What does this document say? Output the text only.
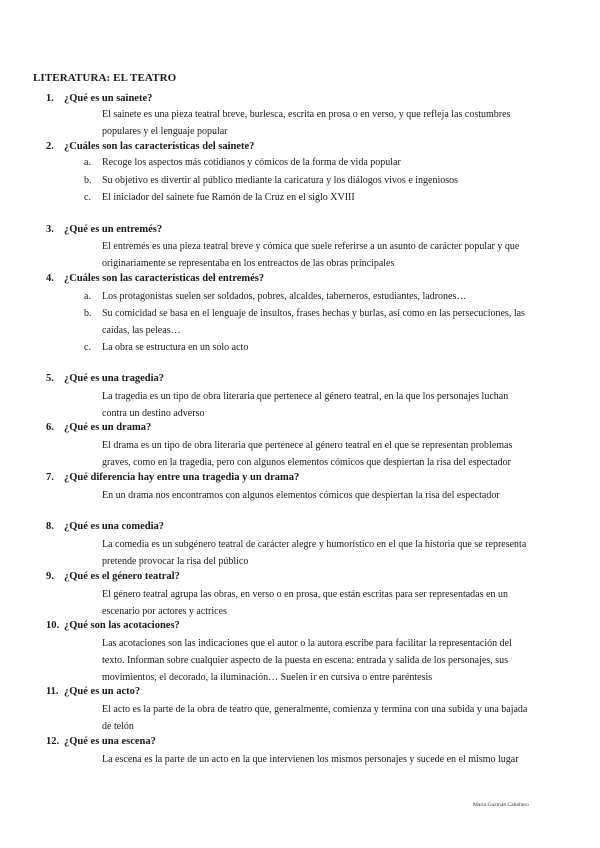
LITERATURA: EL TEATRO
1. ¿Qué es un sainete?
El sainete es una pieza teatral breve, burlesca, escrita en prosa o en verso, y que refleja las costumbres populares y el lenguaje popular
2. ¿Cuáles son las características del sainete?
a.	Recoge los aspectos más cotidianos y cómicos de la forma de vida popular
b.	Su objetivo es divertir al público mediante la caricatura y los diálogos vivos e ingeniosos
c.	El iniciador del sainete fue Ramón de la Cruz en el siglo XVIII
3. ¿Qué es un entremés?
El entremés es una pieza teatral breve y cómica que suele referirse a un asunto de carácter popular y que originariamente se representaba en los entreactos de las obras principales
4. ¿Cuáles son las características del entremés?
a.	Los protagonistas suelen ser soldados, pobres, alcaldes, taberneros, estudiantes, ladrones…
b.	Su comicidad se basa en el lenguaje de insultos, frases hechas y burlas, así como en las persecuciones, las caídas, las peleas…
c.	La obra se estructura en un solo acto
5. ¿Qué es una tragedia?
La tragedia es un tipo de obra literaria que pertenece al género teatral, en la que los personajes luchan contra un destino adverso
6. ¿Qué es un drama?
El drama es un tipo de obra literaria que pertenece al género teatral en el que se representan problemas graves, como en la tragedia, pero con algunos elementos cómicos que despiertan la risa del espectador
7. ¿Qué diferencia hay entre una tragedia y un drama?
En un drama nos encontramos con algunos elementos cómicos que despiertan la risa del espectador
8. ¿Qué es una comedia?
La comedia es un subgénero teatral de carácter alegre y humorístico en el que la historia que se representa pretende provocar la risa del público
9. ¿Qué es el género teatral?
El género teatral agrupa las obras, en verso o en prosa, que están escritas para ser representadas en un escenario por actores y actrices
10. ¿Qué son las acotaciones?
Las acotaciones son las indicaciones que el autor o la autora escribe para facilitar la representación del texto. Informan sobre cualquier aspecto de la puesta en escena: entrada y salida de los personajes, sus movimientos, el decorado, la iluminación… Suelen ir en cursiva o entre paréntesis
11. ¿Qué es un acto?
El acto es la parte de la obra de teatro que, generalmente, comienza y termina con una subida y una bajada de telón
12. ¿Qué es una escena?
La escena es la parte de un acto en la que intervienen los mismos personajes y sucede en el mismo lugar
María Guzmán Caballero
